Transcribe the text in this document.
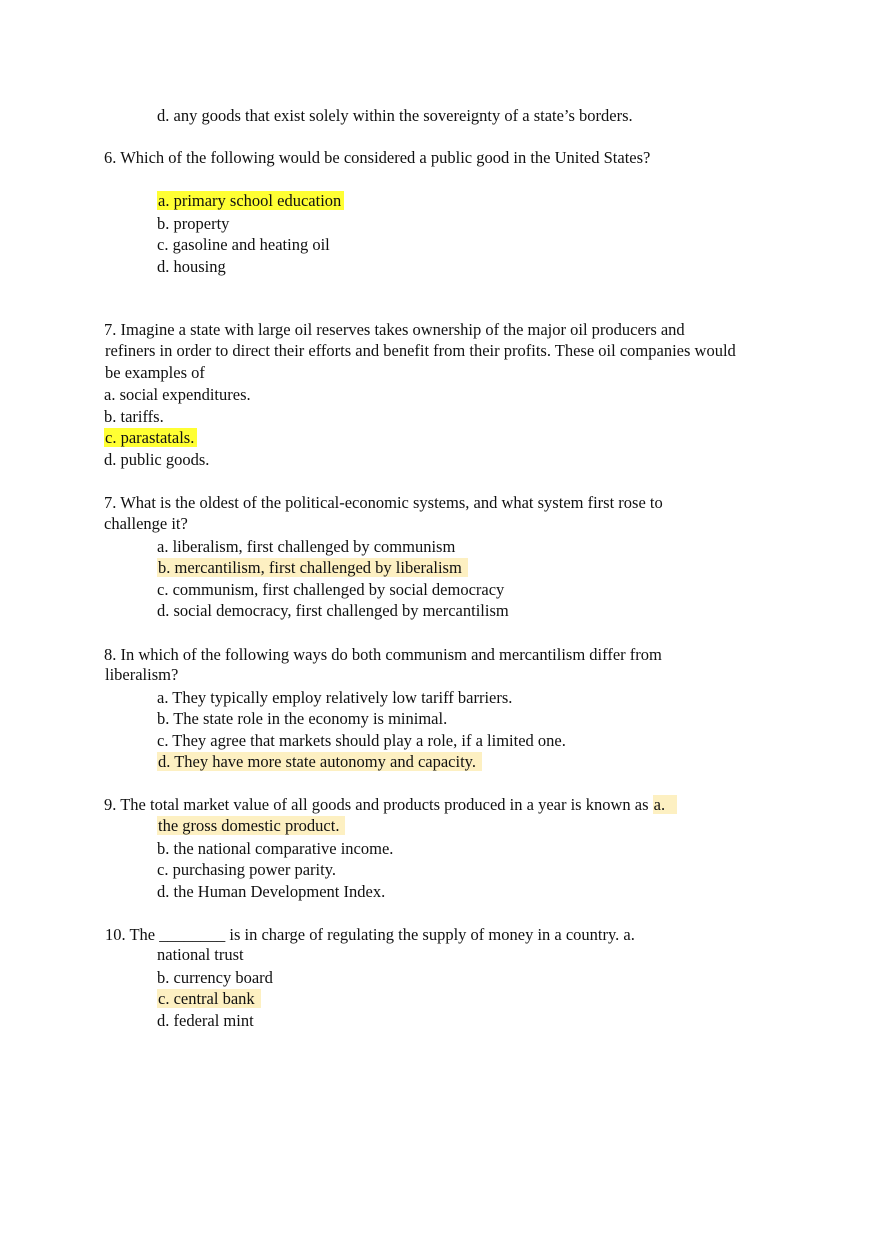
d. any goods that exist solely within the sovereignty of a state’s borders.
6. Which of the following would be considered a public good in the United States?
a. primary school education
b. property
c. gasoline and heating oil
d. housing
7. Imagine a state with large oil reserves takes ownership of the major oil producers and
refiners in order to direct their efforts and benefit from their profits. These oil companies would
be examples of
a. social expenditures.
b. tariffs.
c. parastatals.
d. public goods.
7. What is the oldest of the political-economic systems, and what system first rose to
challenge it?
a. liberalism, first challenged by communism
b. mercantilism, first challenged by liberalism
c. communism, first challenged by social democracy
d. social democracy, first challenged by mercantilism
8. In which of the following ways do both communism and mercantilism differ from
liberalism?
a. They typically employ relatively low tariff barriers.
b. The state role in the economy is minimal.
c. They agree that markets should play a role, if a limited one.
d. They have more state autonomy and capacity.
9. The total market value of all goods and products produced in a year is known as a.
the gross domestic product.
b. the national comparative income.
c. purchasing power parity.
d. the Human Development Index.
10. The ________ is in charge of regulating the supply of money in a country. a.
national trust
b. currency board
c. central bank
d. federal mint
